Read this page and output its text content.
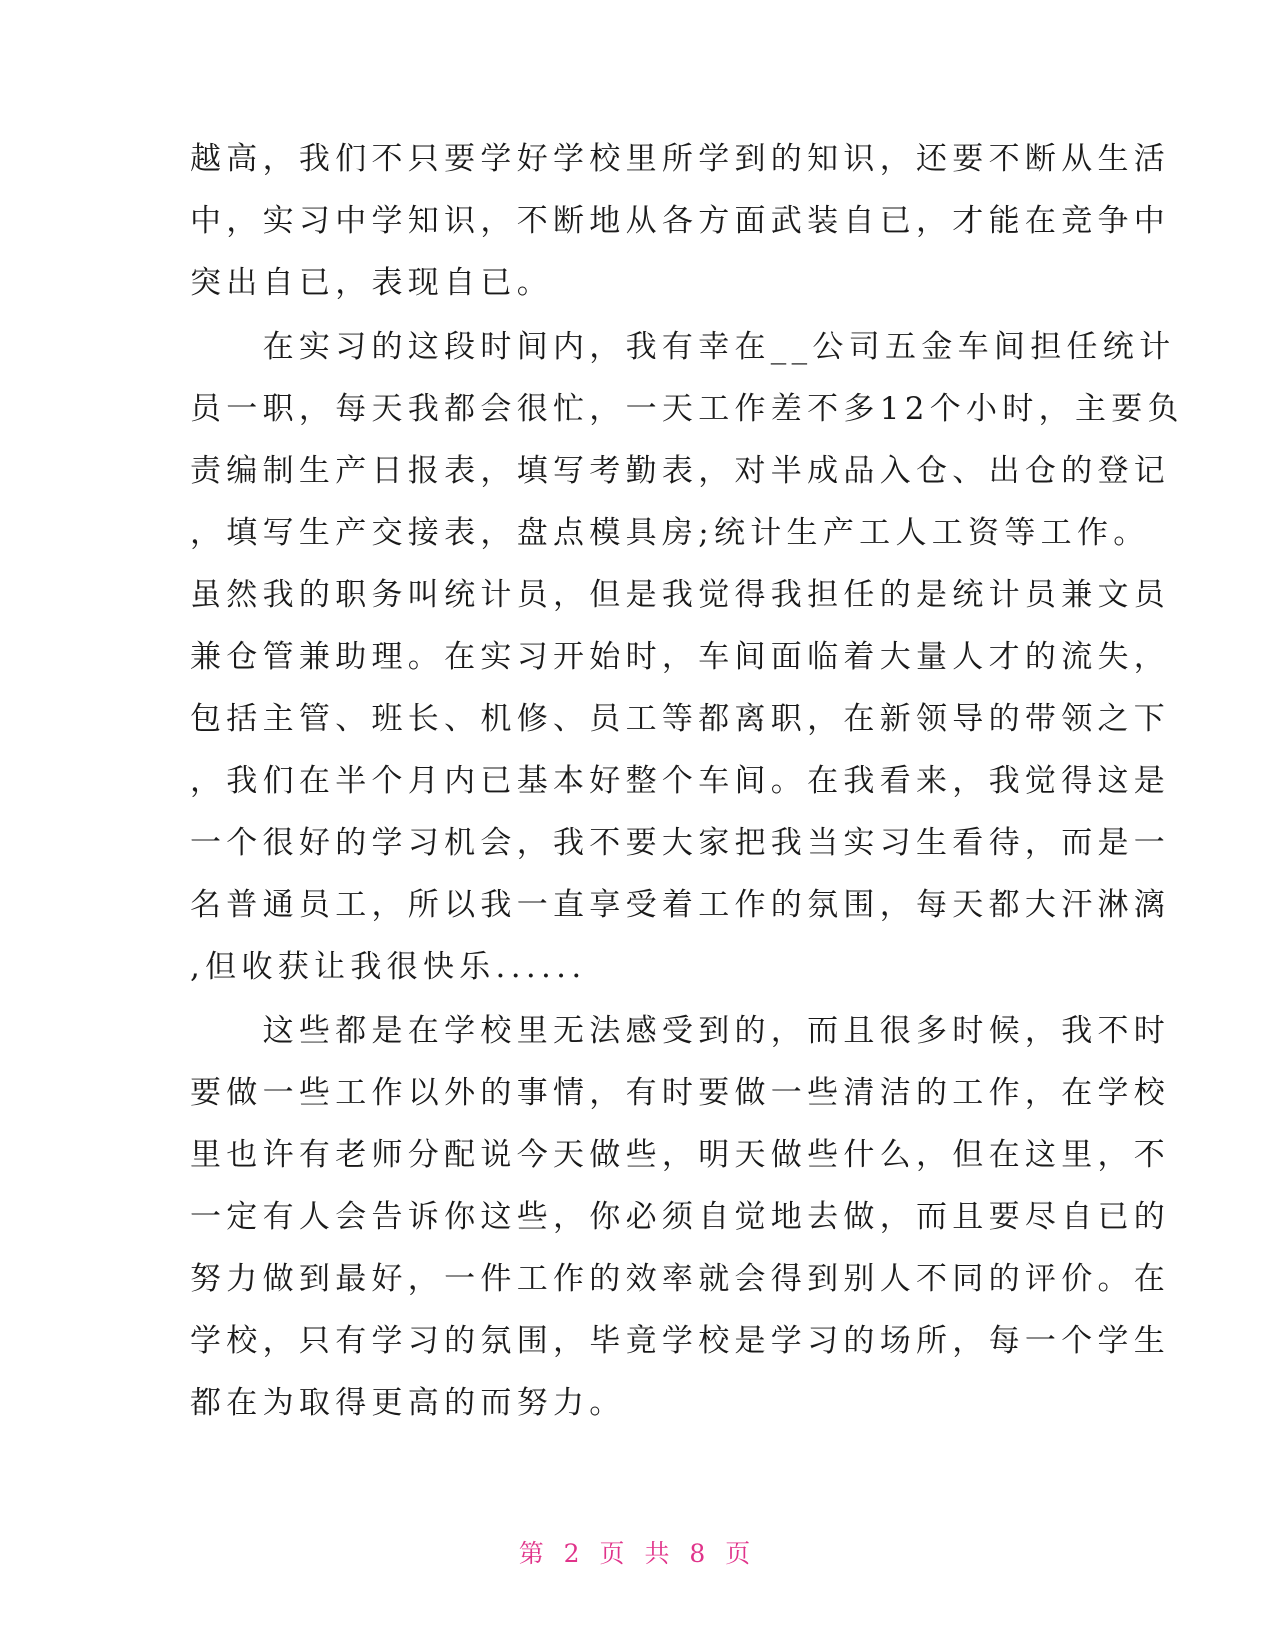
越高，我们不只要学好学校里所学到的知识，还要不断从生活
中，实习中学知识，不断地从各方面武装自已，才能在竞争中
突出自已，表现自已。
　　在实习的这段时间内，我有幸在__公司五金车间担任统计
员一职，每天我都会很忙，一天工作差不多12个小时，主要负
责编制生产日报表，填写考勤表，对半成品入仓、出仓的登记
，填写生产交接表，盘点模具房;统计生产工人工资等工作。
虽然我的职务叫统计员，但是我觉得我担任的是统计员兼文员
兼仓管兼助理。在实习开始时，车间面临着大量人才的流失，
包括主管、班长、机修、员工等都离职，在新领导的带领之下
，我们在半个月内已基本好整个车间。在我看来，我觉得这是
一个很好的学习机会，我不要大家把我当实习生看待，而是一
名普通员工，所以我一直享受着工作的氛围，每天都大汗淋漓
,但收获让我很快乐......
　　这些都是在学校里无法感受到的，而且很多时候，我不时
要做一些工作以外的事情，有时要做一些清洁的工作，在学校
里也许有老师分配说今天做些，明天做些什么，但在这里，不
一定有人会告诉你这些，你必须自觉地去做，而且要尽自已的
努力做到最好，一件工作的效率就会得到别人不同的评价。在
学校，只有学习的氛围，毕竟学校是学习的场所，每一个学生
都在为取得更高的而努力。
第 2 页 共 8 页
